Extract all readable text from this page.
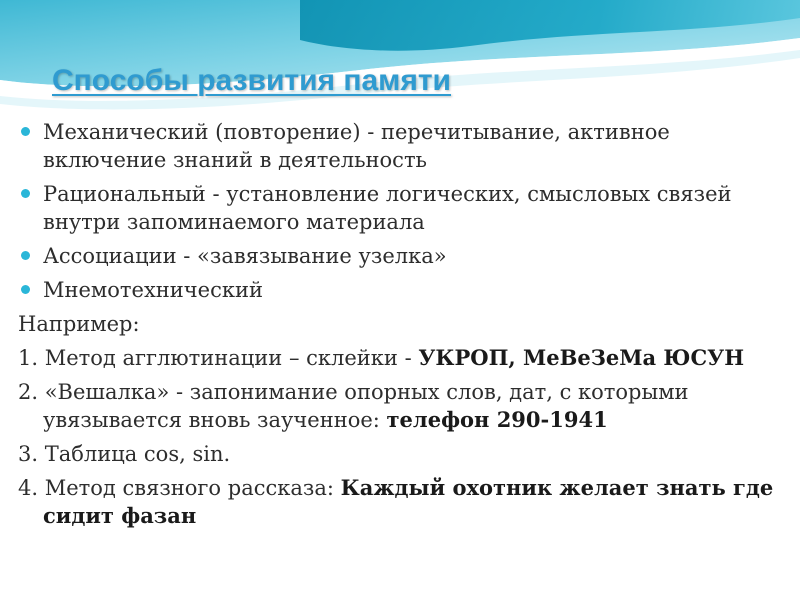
Способы развития памяти
Механический (повторение) - перечитывание, активное включение знаний в деятельность
Рациональный - установление логических, смысловых связей внутри запоминаемого материала
Ассоциации - «завязывание узелка»
Мнемотехнический

Например:

1. Метод агглютинации – склейки - УКРОП, МеВеЗеМа ЮСУН

2. «Вешалка» - запонимание опорных слов, дат, с которыми увязывается вновь заученное: телефон 290-1941

3. Таблица cos, sin.

4. Метод связного рассказа: Каждый охотник желает знать где сидит фазан
